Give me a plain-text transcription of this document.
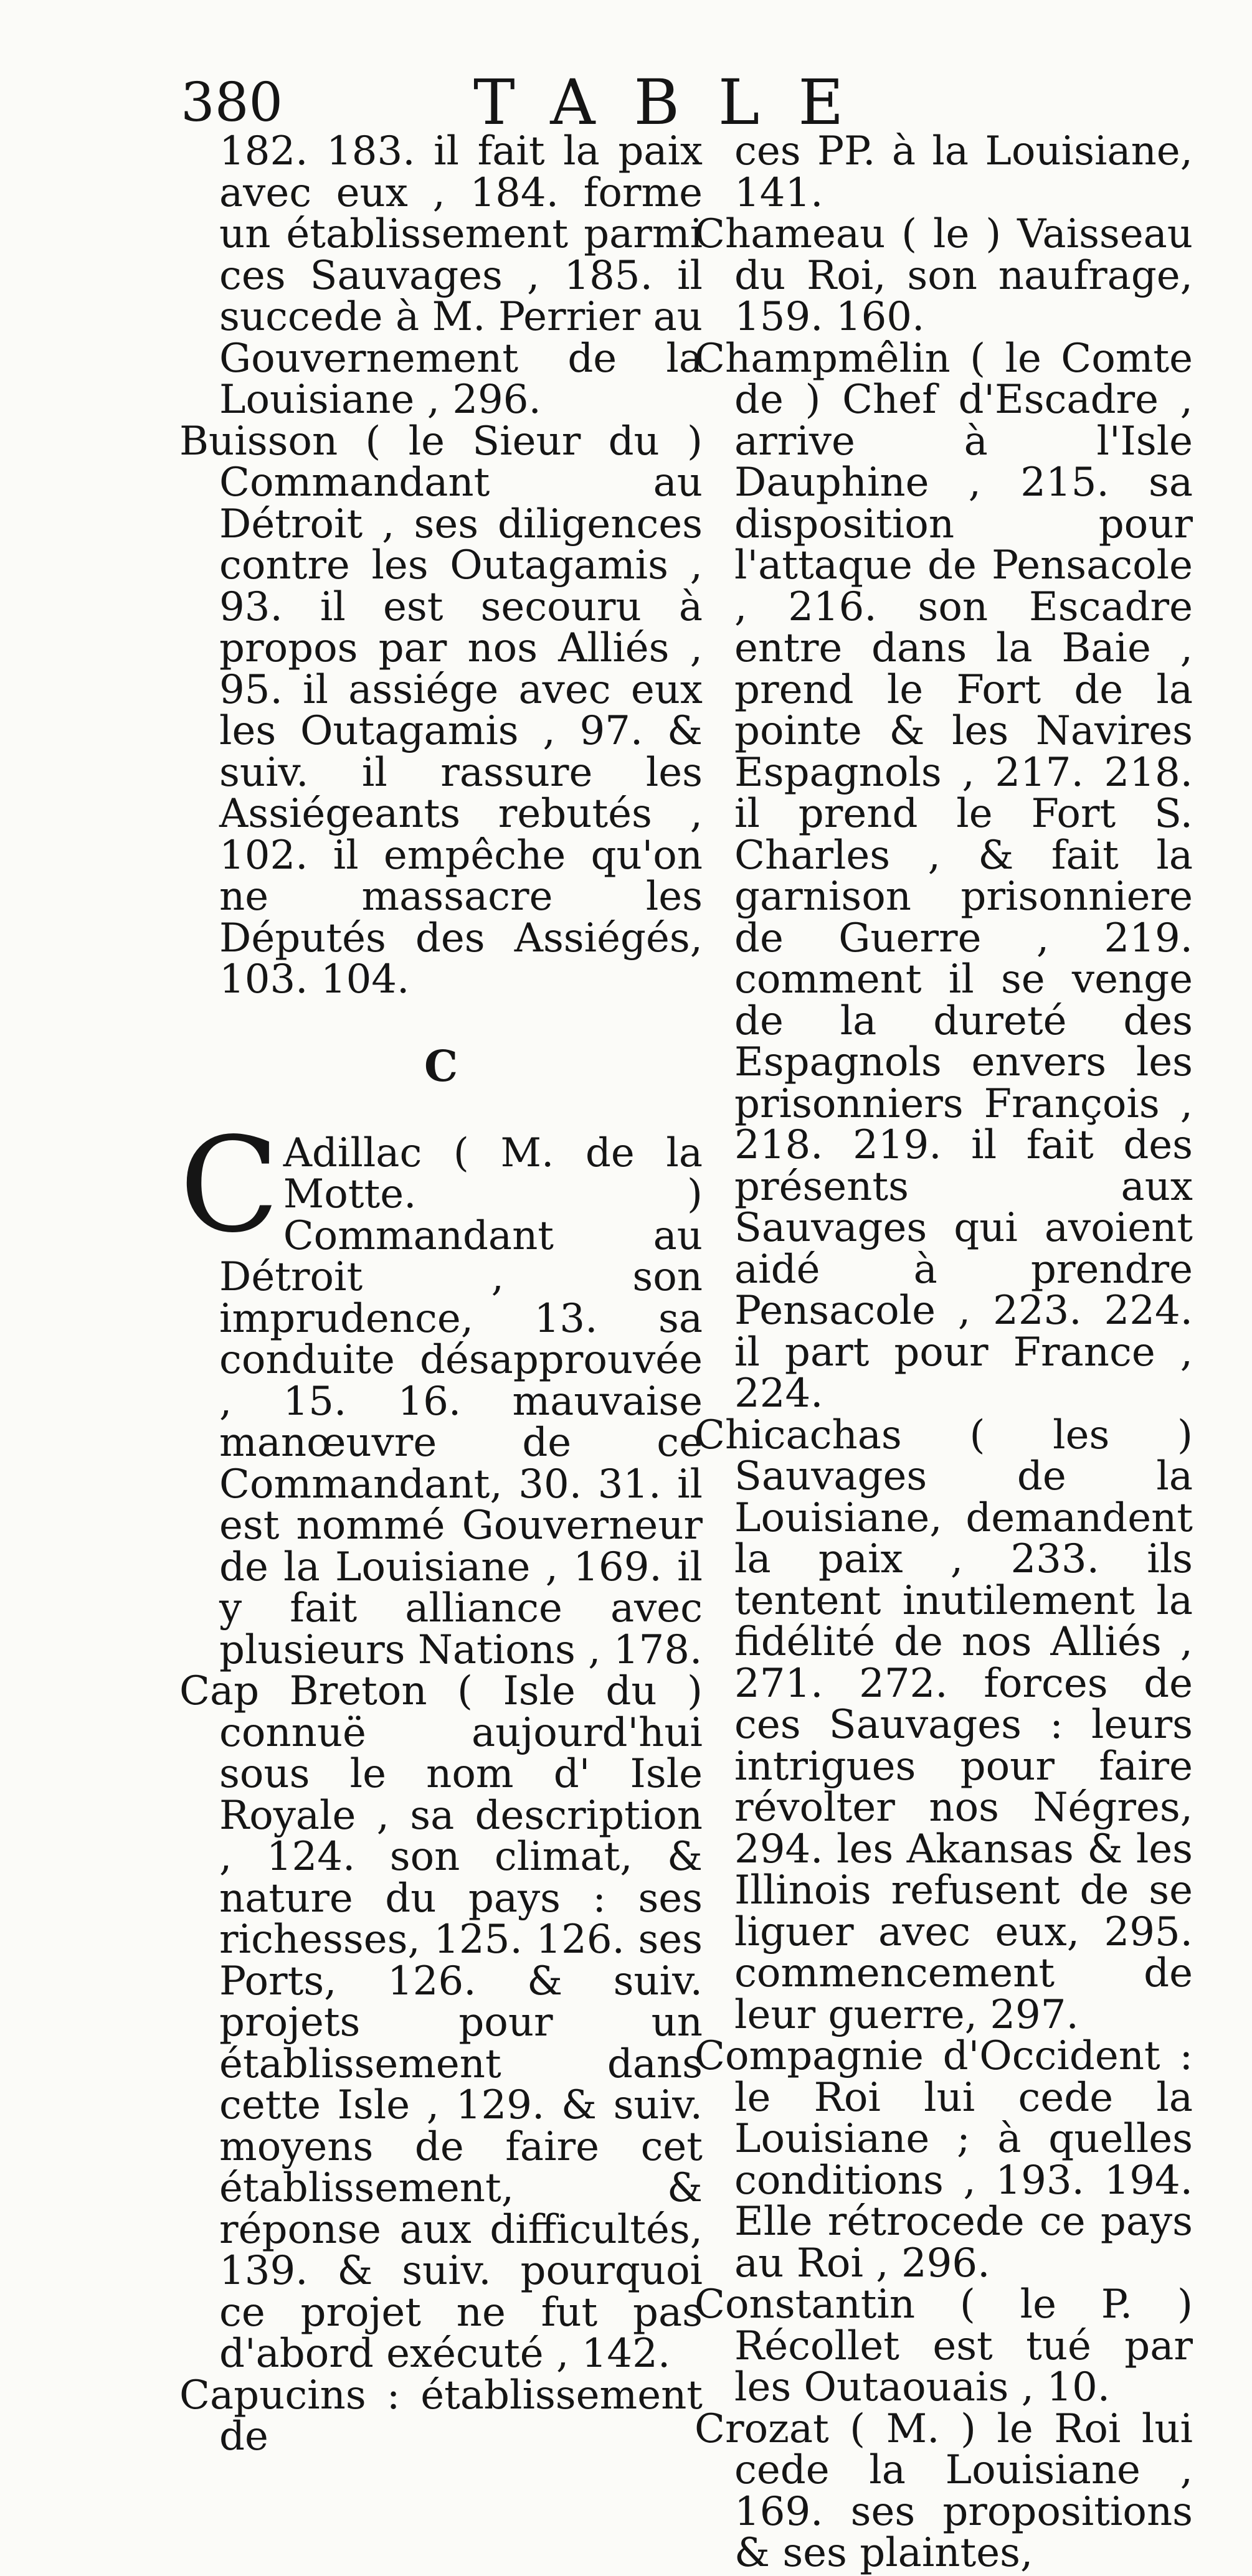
380	TABLE

182. 183. il fait la paix avec eux , 184. forme un établissement parmi ces Sauvages , 185. il succede à M. Perrier au Gouvernement de la Louisiane , 296.

Buisson ( le Sieur du ) Commandant au Détroit , ses diligences contre les Outagamis , 93. il est secouru à propos par nos Alliés , 95. il assiége avec eux les Outagamis , 97. & suiv. il rassure les Assiégeants rebutés , 102. il empêche qu'on ne massacre les Députés des Assiégés, 103. 104.

C

C Adillac ( M. de la Motte. ) Commandant au Détroit , son imprudence, 13. sa conduite désapprouvée , 15. 16. mauvaise manœuvre de ce Commandant, 30. 31. il est nommé Gouverneur de la Louisiane , 169. il y fait alliance avec plusieurs Nations , 178.

Cap Breton ( Isle du ) connuë aujourd'hui sous le nom d' Isle Royale , sa description , 124. son climat, & nature du pays : ses richesses, 125. 126. ses Ports, 126. & suiv. projets pour un établissement dans cette Isle , 129. & suiv. moyens de faire cet établissement, & réponse aux difficultés, 139. & suiv. pourquoi ce projet ne fut pas d'abord exécuté , 142.

Capucins : établissement de

ces PP. à la Louisiane, 141.

Chameau ( le ) Vaisseau du Roi, son naufrage, 159. 160.

Champmêlin ( le Comte de ) Chef d'Escadre , arrive à l'Isle Dauphine , 215. sa disposition pour l'attaque de Pensacole , 216. son Escadre entre dans la Baie , prend le Fort de la pointe & les Navires Espagnols , 217. 218. il prend le Fort S. Charles , & fait la garnison prisonniere de Guerre , 219. comment il se venge de la dureté des Espagnols envers les prisonniers François , 218. 219. il fait des présents aux Sauvages qui avoient aidé à prendre Pensacole , 223. 224. il part pour France , 224.

Chicachas ( les ) Sauvages de la Louisiane, demandent la paix , 233. ils tentent inutilement la fidélité de nos Alliés , 271. 272. forces de ces Sauvages : leurs intrigues pour faire révolter nos Négres, 294. les Akansas & les Illinois refusent de se liguer avec eux, 295. commencement de leur guerre, 297.

Compagnie d'Occident : le Roi lui cede la Louisiane ; à quelles conditions , 193. 194. Elle rétrocede ce pays au Roi , 296.

Constantin ( le P. ) Récollet est tué par les Outaouais , 10.

Crozat ( M. ) le Roi lui cede la Louisiane , 169. ses propositions & ses plaintes,
